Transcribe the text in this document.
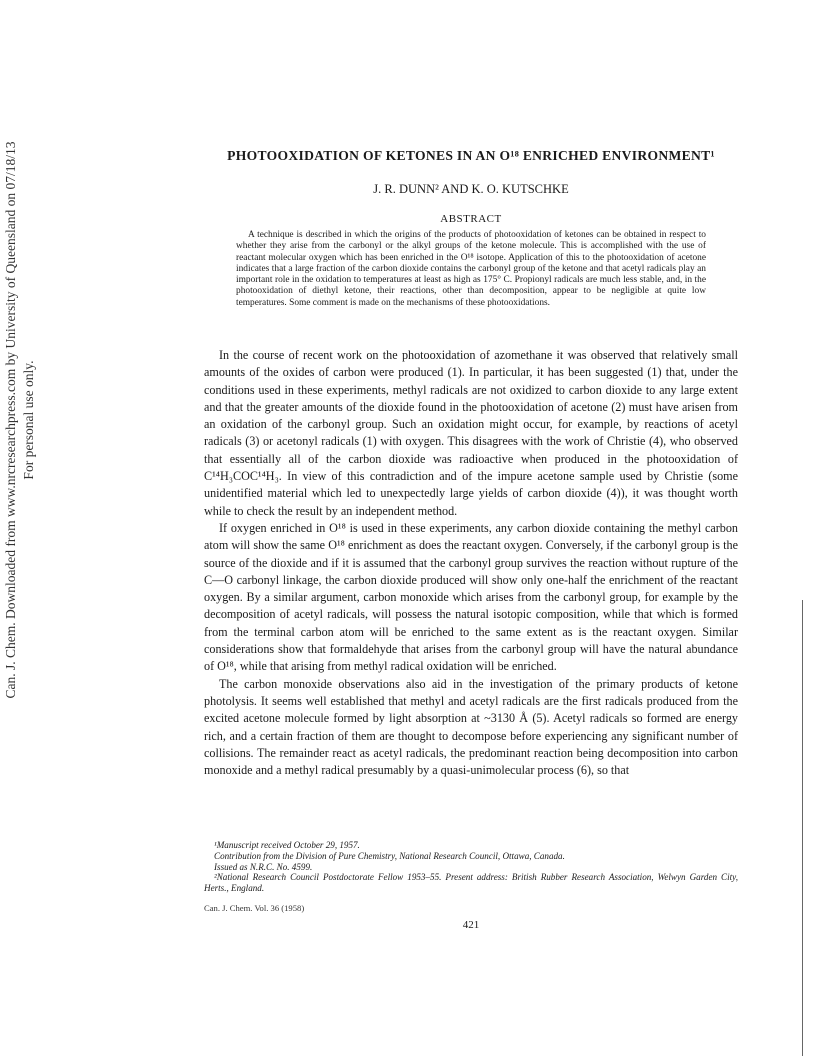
Can. J. Chem. Downloaded from www.nrcresearchpress.com by University of Queensland on 07/18/13 For personal use only.
PHOTOOXIDATION OF KETONES IN AN O¹⁸ ENRICHED ENVIRONMENT¹
J. R. DUNN² AND K. O. KUTSCHKE
ABSTRACT
A technique is described in which the origins of the products of photooxidation of ketones can be obtained in respect to whether they arise from the carbonyl or the alkyl groups of the ketone molecule. This is accomplished with the use of reactant molecular oxygen which has been enriched in the O¹⁸ isotope. Application of this to the photooxidation of acetone indicates that a large fraction of the carbon dioxide contains the carbonyl group of the ketone and that acetyl radicals play an important role in the oxidation to temperatures at least as high as 175° C. Propionyl radicals are much less stable, and, in the photooxidation of diethyl ketone, their reactions, other than decomposition, appear to be negligible at quite low temperatures. Some comment is made on the mechanisms of these photooxidations.

In the course of recent work on the photooxidation of azomethane it was observed that relatively small amounts of the oxides of carbon were produced (1). In particular, it has been suggested (1) that, under the conditions used in these experiments, methyl radicals are not oxidized to carbon dioxide to any large extent and that the greater amounts of the dioxide found in the photooxidation of acetone (2) must have arisen from an oxidation of the carbonyl group. Such an oxidation might occur, for example, by reactions of acetyl radicals (3) or acetonyl radicals (1) with oxygen. This disagrees with the work of Christie (4), who observed that essentially all of the carbon dioxide was radioactive when produced in the photooxidation of C¹⁴H₃COC¹⁴H₃. In view of this contradiction and of the impure acetone sample used by Christie (some unidentified material which led to unexpectedly large yields of carbon dioxide (4)), it was thought worth while to check the result by an independent method.

If oxygen enriched in O¹⁸ is used in these experiments, any carbon dioxide containing the methyl carbon atom will show the same O¹⁸ enrichment as does the reactant oxygen. Conversely, if the carbonyl group is the source of the dioxide and if it is assumed that the carbonyl group survives the reaction without rupture of the C—O carbonyl linkage, the carbon dioxide produced will show only one-half the enrichment of the reactant oxygen. By a similar argument, carbon monoxide which arises from the carbonyl group, for example by the decomposition of acetyl radicals, will possess the natural isotopic composition, while that which is formed from the terminal carbon atom will be enriched to the same extent as is the reactant oxygen. Similar considerations show that formaldehyde that arises from the carbonyl group will have the natural abundance of O¹⁸, while that arising from methyl radical oxidation will be enriched.

The carbon monoxide observations also aid in the investigation of the primary products of ketone photolysis. It seems well established that methyl and acetyl radicals are the first radicals produced from the excited acetone molecule formed by light absorption at ~3130 Å (5). Acetyl radicals so formed are energy rich, and a certain fraction of them are thought to decompose before experiencing any significant number of collisions. The remainder react as acetyl radicals, the predominant reaction being decomposition into carbon monoxide and a methyl radical presumably by a quasi-unimolecular process (6), so that

¹Manuscript received October 29, 1957.
Contribution from the Division of Pure Chemistry, National Research Council, Ottawa, Canada.
Issued as N.R.C. No. 4599.
²National Research Council Postdoctorate Fellow 1953–55. Present address: British Rubber Research Association, Welwyn Garden City, Herts., England.
Can. J. Chem. Vol. 36 (1958)
421
